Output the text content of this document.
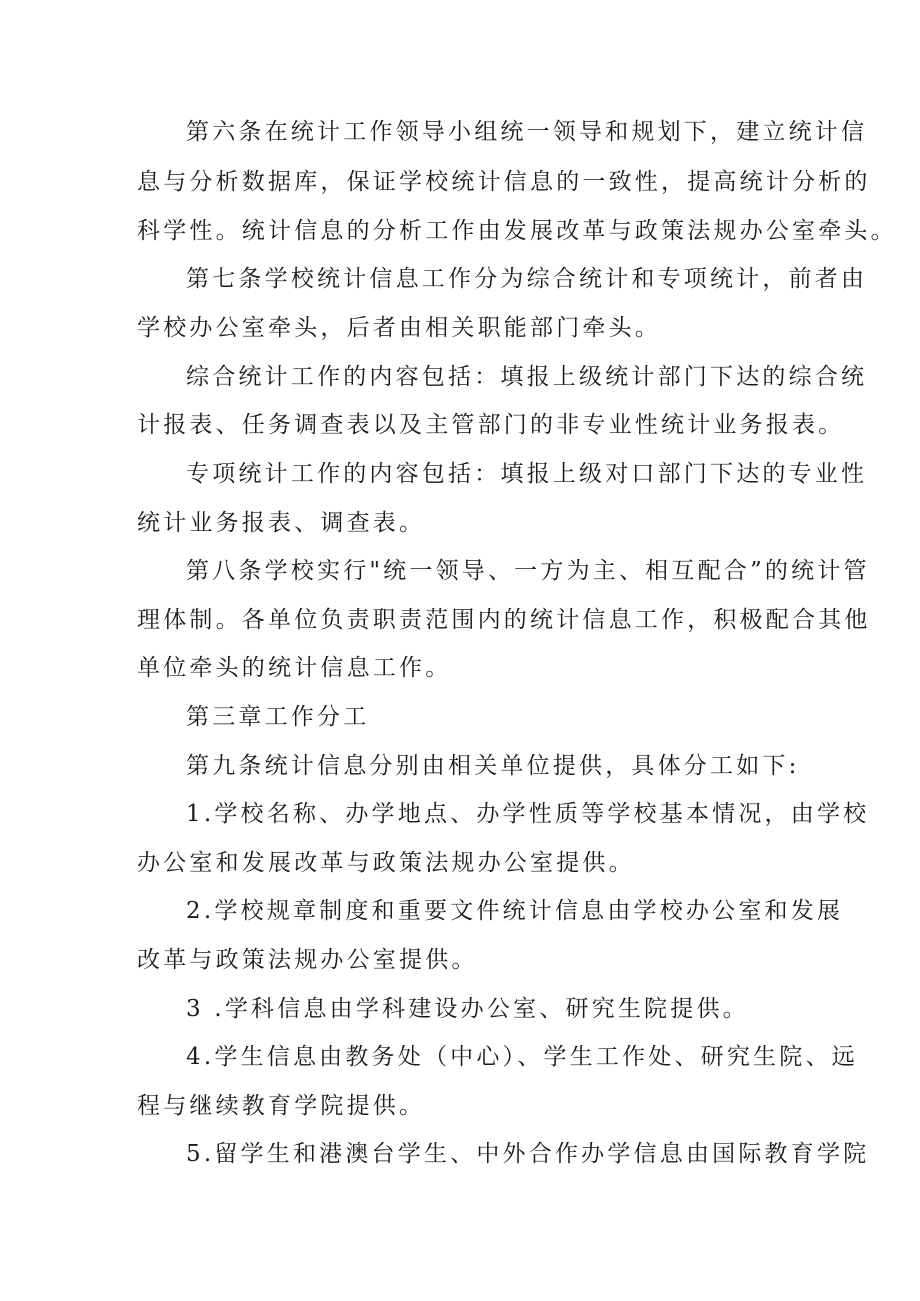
第六条在统计工作领导小组统一领导和规划下，建立统计信
息与分析数据库，保证学校统计信息的一致性，提高统计分析的
科学性。统计信息的分析工作由发展改革与政策法规办公室牵头。
第七条学校统计信息工作分为综合统计和专项统计，前者由
学校办公室牵头，后者由相关职能部门牵头。
综合统计工作的内容包括：填报上级统计部门下达的综合统
计报表、任务调查表以及主管部门的非专业性统计业务报表。
专项统计工作的内容包括：填报上级对口部门下达的专业性
统计业务报表、调查表。
第八条学校实行"统一领导、一方为主、相互配合”的统计管
理体制。各单位负责职责范围内的统计信息工作，积极配合其他
单位牵头的统计信息工作。
第三章工作分工
第九条统计信息分别由相关单位提供，具体分工如下:
1.学校名称、办学地点、办学性质等学校基本情况，由学校
办公室和发展改革与政策法规办公室提供。
2.学校规章制度和重要文件统计信息由学校办公室和发展
改革与政策法规办公室提供。
3 .学科信息由学科建设办公室、研究生院提供。
4.学生信息由教务处（中心）、学生工作处、研究生院、远
程与继续教育学院提供。
5.留学生和港澳台学生、中外合作办学信息由国际教育学院
